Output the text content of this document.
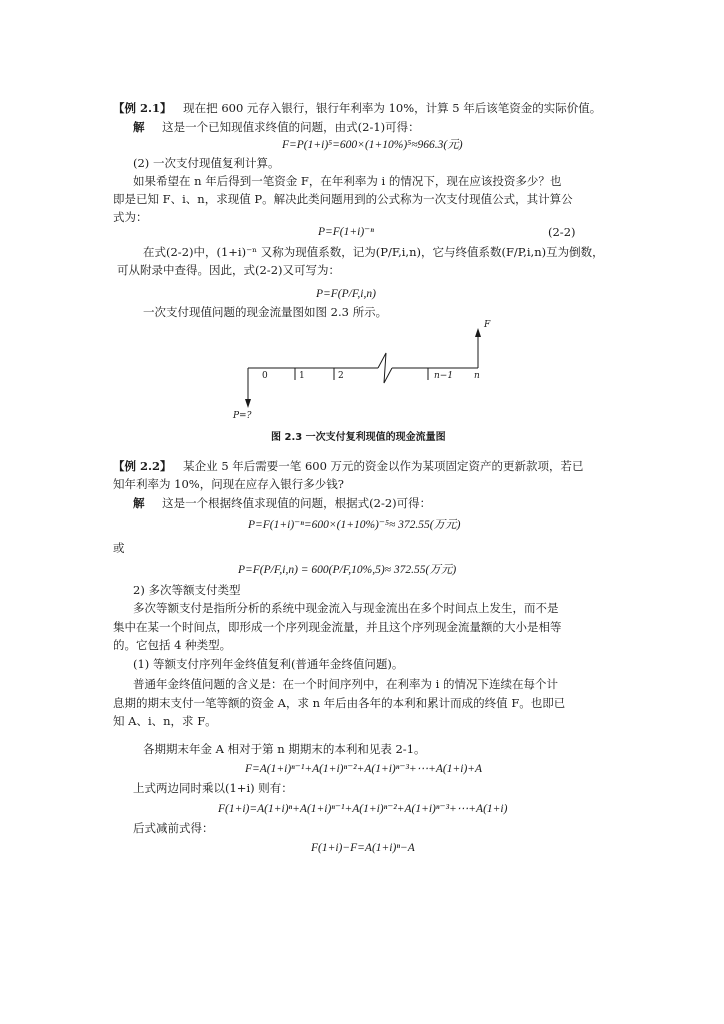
【例 2.1】 现在把 600 元存入银行，银行年利率为 10%，计算 5 年后该笔资金的实际价值。
解 这是一个已知现值求终值的问题，由式(2-1)可得：
F=P(1+i)⁵=600×(1+10%)⁵≈966.3(元)
(2) 一次支付现值复利计算。
如果希望在 n 年后得到一笔资金 F，在年利率为 i 的情况下，现在应该投资多少？也
即是已知 F、i、n，求现值 P。解决此类问题用到的公式称为一次支付现值公式，其计算公
式为：
P=F(1+i)⁻ⁿ	(2-2)
在式(2-2)中，(1+i)⁻ⁿ 又称为现值系数，记为(P/F,i,n)，它与终值系数(F/P,i,n)互为倒数，
可从附录中查得。因此，式(2-2)又可写为：
P=F(P/F,i,n)
一次支付现值问题的现金流量图如图 2.3 所示。
F
P=?
0	1	2	n−1 n
图 2.3 一次支付复利现值的现金流量图
【例 2.2】 某企业 5 年后需要一笔 600 万元的资金以作为某项固定资产的更新款项，若已
知年利率为 10%，问现在应存入银行多少钱?
解 这是一个根据终值求现值的问题，根据式(2-2)可得：
P=F(1+i)⁻ⁿ=600×(1+10%)⁻⁵≈ 372.55(万元)
或
P=F(P/F,i,n) = 600(P/F,10%,5)≈ 372.55(万元)
2) 多次等额支付类型
多次等额支付是指所分析的系统中现金流入与现金流出在多个时间点上发生，而不是
集中在某一个时间点，即形成一个序列现金流量，并且这个序列现金流量额的大小是相等
的。它包括 4 种类型。
(1) 等额支付序列年金终值复利(普通年金终值问题)。
普通年金终值问题的含义是：在一个时间序列中，在利率为 i 的情况下连续在每个计
息期的期末支付一笔等额的资金 A，求 n 年后由各年的本利和累计而成的终值 F。也即已
知 A、i、n，求 F。
各期期末年金 A 相对于第 n 期期末的本利和见表 2-1。
F=A(1+i)ⁿ⁻¹+A(1+i)ⁿ⁻²+A(1+i)ⁿ⁻³+⋯+A(1+i)+A
上式两边同时乘以(1+i) 则有：
F(1+i)=A(1+i)ⁿ+A(1+i)ⁿ⁻¹+A(1+i)ⁿ⁻²+A(1+i)ⁿ⁻³+⋯+A(1+i)
后式减前式得：
F(1+i)−F=A(1+i)ⁿ−A
